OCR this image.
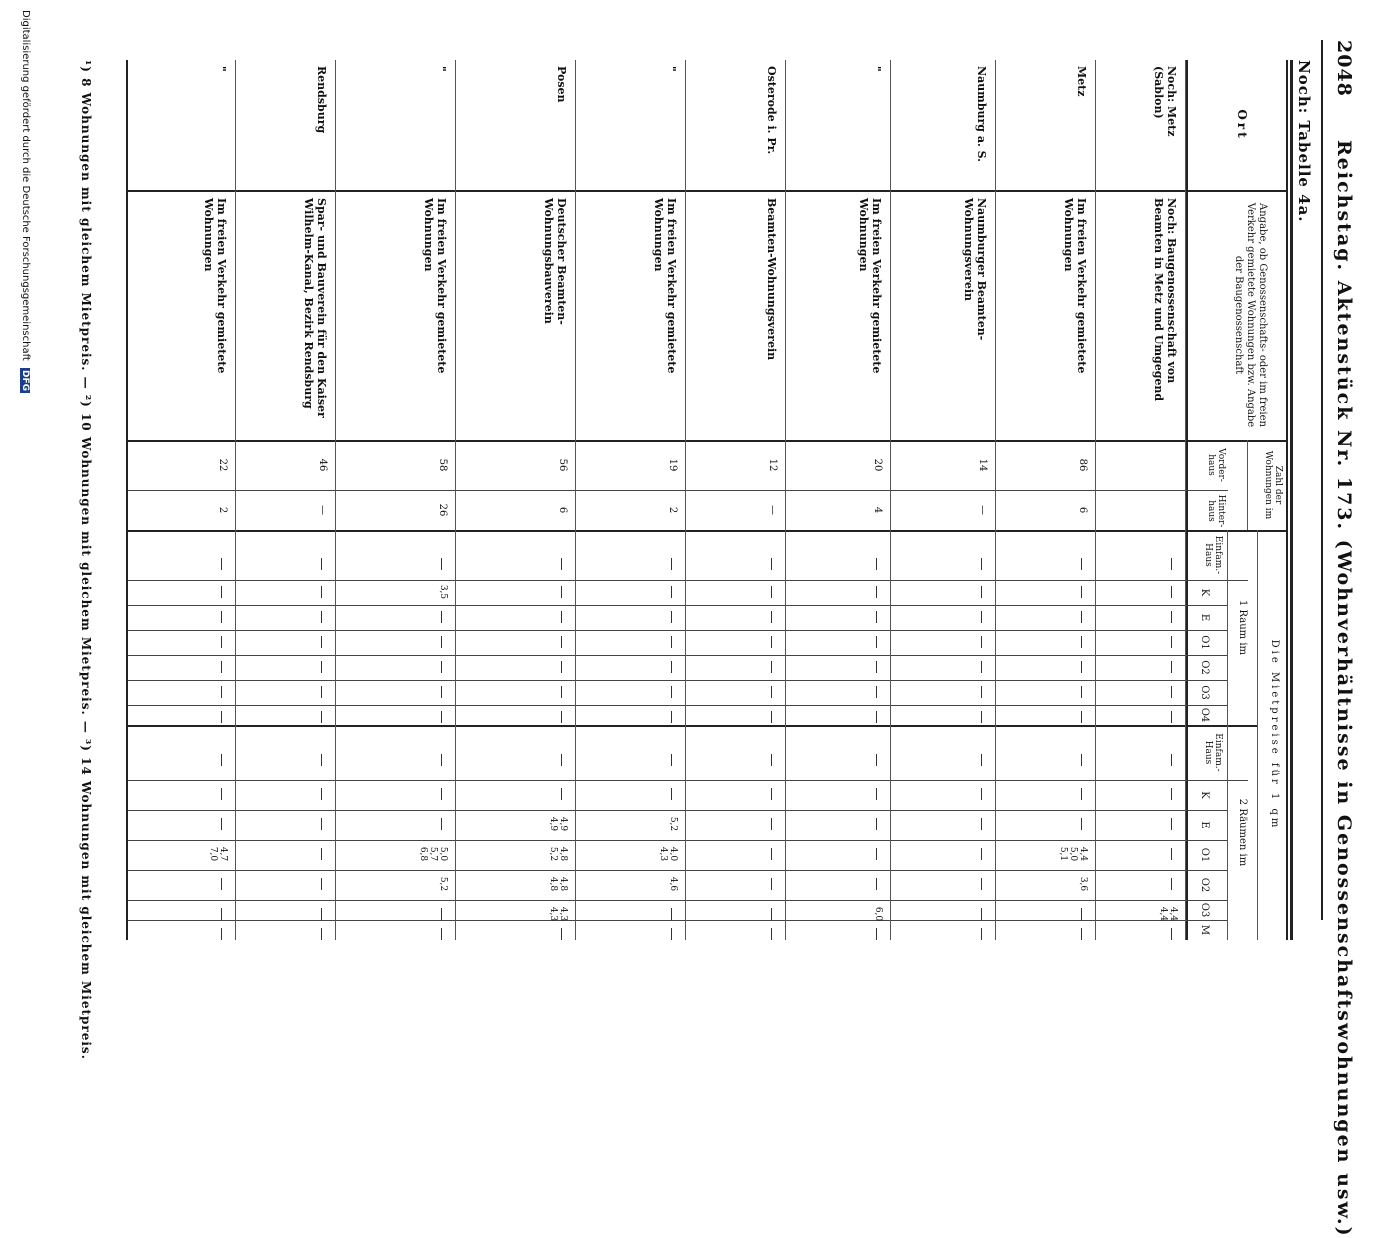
2048
Reichstag. Aktenstück Nr. 173. (Wohnverhältnisse in Genossenschaftswohnungen usw.)
Noch: Tabelle 4a.
Ort
Angabe, ob Genossenschafts- oder im freien Verkehr gemietete Wohnungen bzw. Angabe der Baugenossenschaft
Zahl der Wohnungen im
Vorder-haus
Hinter-haus
Die Mietpreise für 1 qm
1 Raum im
2 Räumen im
Einfam.-Haus
Einfam.-Haus
K
E
O1
O2
O3
O4
K
E
O1
O2
O3
M
Noch: Metz (Sablon)
Noch: Baugenossenschaft von Beamten in Metz und Umgegend
4,4
4,4
Metz
Im freien Verkehr gemietete Wohnungen
86
6
4,4
5,0
5,1
3,6
Naumburg a. S.
Naumburger Beamten-Wohnungsverein
14
—
"
Im freien Verkehr gemietete Wohnungen
20
4
6,0
Osterode i. Pr.
Beamten-Wohnungsverein
12
—
"
Im freien Verkehr gemietete Wohnungen
19
2
5,2
4,0
4,3
4,6
Posen
Deutscher Beamten-Wohnungsbauverein
56
6
4,9
4,9
4,8
5,2
4,8
4,8
4,3
4,3
"
Im freien Verkehr gemietete Wohnungen
58
26
3,5
5,0
5,7
6,8
5,2
Rendsburg
Spar- und Bauverein für den Kaiser Wilhelm-Kanal, Bezirk Rendsburg
46
—
"
Im freien Verkehr gemietete Wohnungen
22
2
4,7
7,0
¹) 8 Wohnungen mit gleichem Mietpreis. — ²) 10 Wohnungen mit gleichem Mietpreis. — ³) 14 Wohnungen mit gleichem Mietpreis.
Digitalisierung gefördert durch die Deutsche Forschungsgemeinschaft DFG
